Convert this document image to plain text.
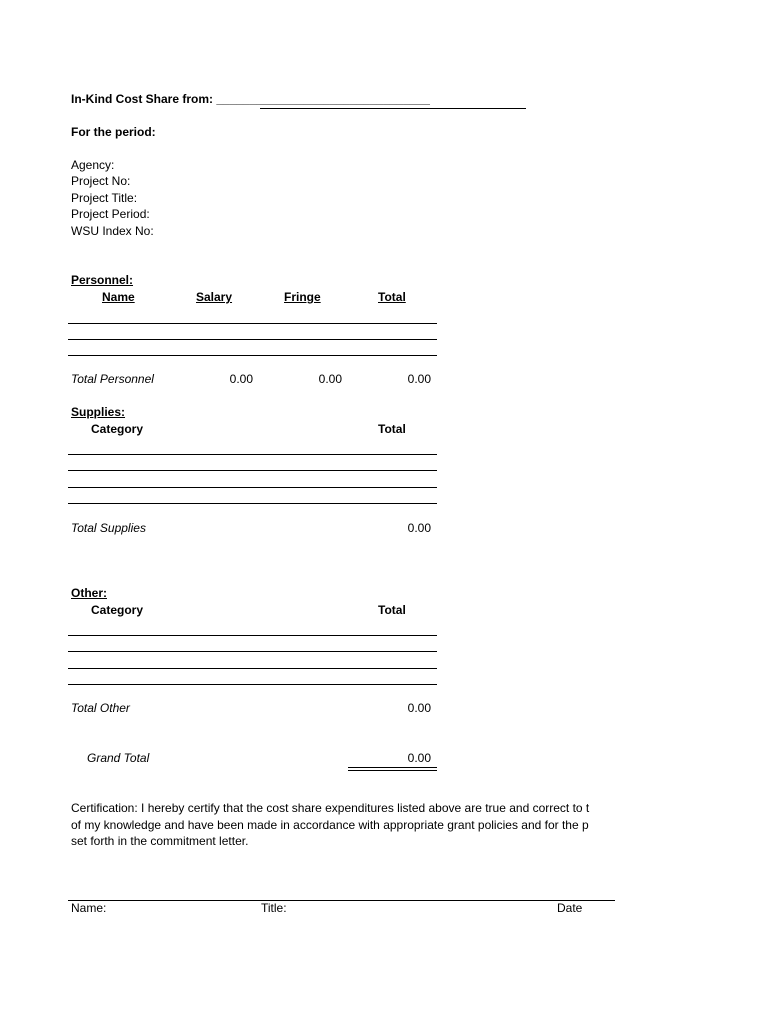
In-Kind Cost Share from: ________________________________
For the period:
Agency:
Project No:
Project Title:
Project Period:
WSU Index No:
Personnel:
Name	Salary	Fringe	Total
Total Personnel	0.00	0.00	0.00
Supplies:
Category	Total
Total Supplies	0.00
Other:
Category	Total
Total Other	0.00
Grand Total	0.00
Certification: I hereby certify that the cost share expenditures listed above are true and correct to t
of my knowledge and have been made in accordance with appropriate grant policies and for the p
set forth in the commitment letter.
Name:	Title:	Date
